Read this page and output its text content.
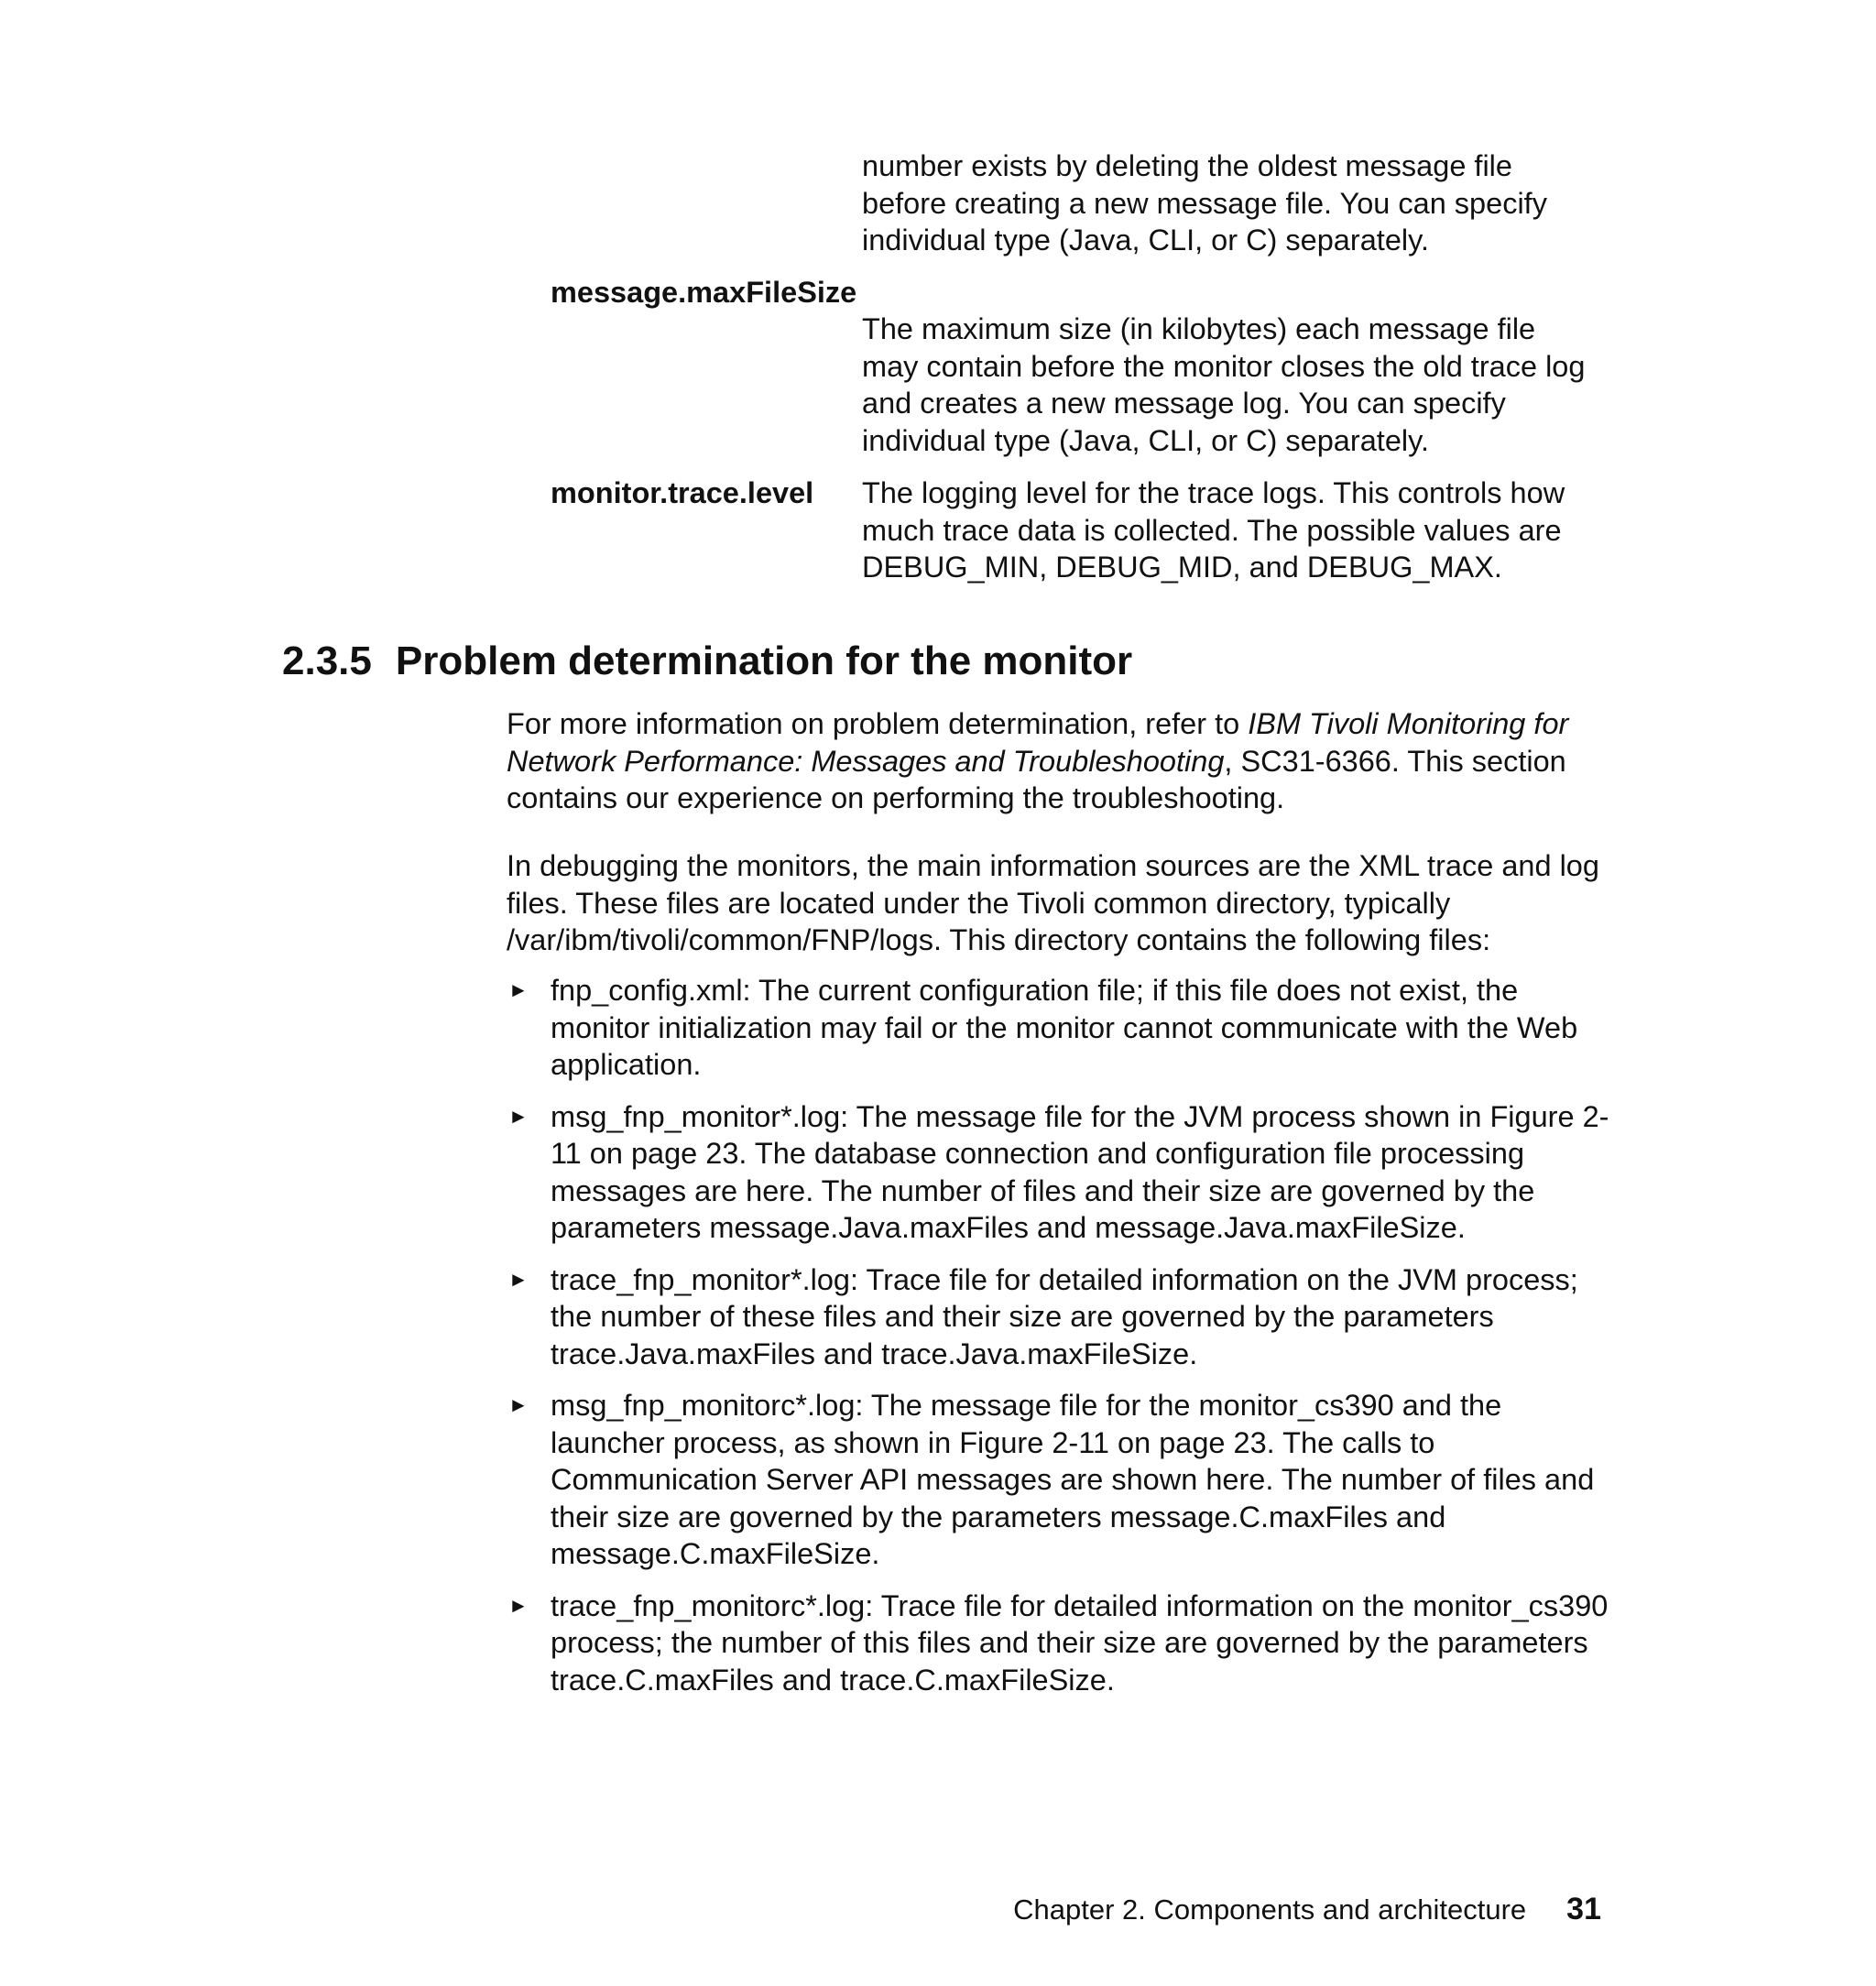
number exists by deleting the oldest message file
before creating a new message file. You can specify
individual type (Java, CLI, or C) separately.
message.maxFileSize
The maximum size (in kilobytes) each message file
may contain before the monitor closes the old trace log
and creates a new message log. You can specify
individual type (Java, CLI, or C) separately.
monitor.trace.level The logging level for the trace logs. This controls how
much trace data is collected. The possible values are
DEBUG_MIN, DEBUG_MID, and DEBUG_MAX.
2.3.5 Problem determination for the monitor

For more information on problem determination, refer to IBM Tivoli Monitoring for Network Performance: Messages and Troubleshooting, SC31-6366. This section contains our experience on performing the troubleshooting.

In debugging the monitors, the main information sources are the XML trace and log files. These files are located under the Tivoli common directory, typically /var/ibm/tivoli/common/FNP/logs. This directory contains the following files:

► fnp_config.xml: The current configuration file; if this file does not exist, the monitor initialization may fail or the monitor cannot communicate with the Web application.
► msg_fnp_monitor*.log: The message file for the JVM process shown in Figure 2-11 on page 23. The database connection and configuration file processing messages are here. The number of files and their size are governed by the parameters message.Java.maxFiles and message.Java.maxFileSize.
► trace_fnp_monitor*.log: Trace file for detailed information on the JVM process; the number of these files and their size are governed by the parameters trace.Java.maxFiles and trace.Java.maxFileSize.
► msg_fnp_monitorc*.log: The message file for the monitor_cs390 and the launcher process, as shown in Figure 2-11 on page 23. The calls to Communication Server API messages are shown here. The number of files and their size are governed by the parameters message.C.maxFiles and message.C.maxFileSize.
► trace_fnp_monitorc*.log: Trace file for detailed information on the monitor_cs390 process; the number of this files and their size are governed by the parameters trace.C.maxFiles and trace.C.maxFileSize.
Chapter 2. Components and architecture 31
